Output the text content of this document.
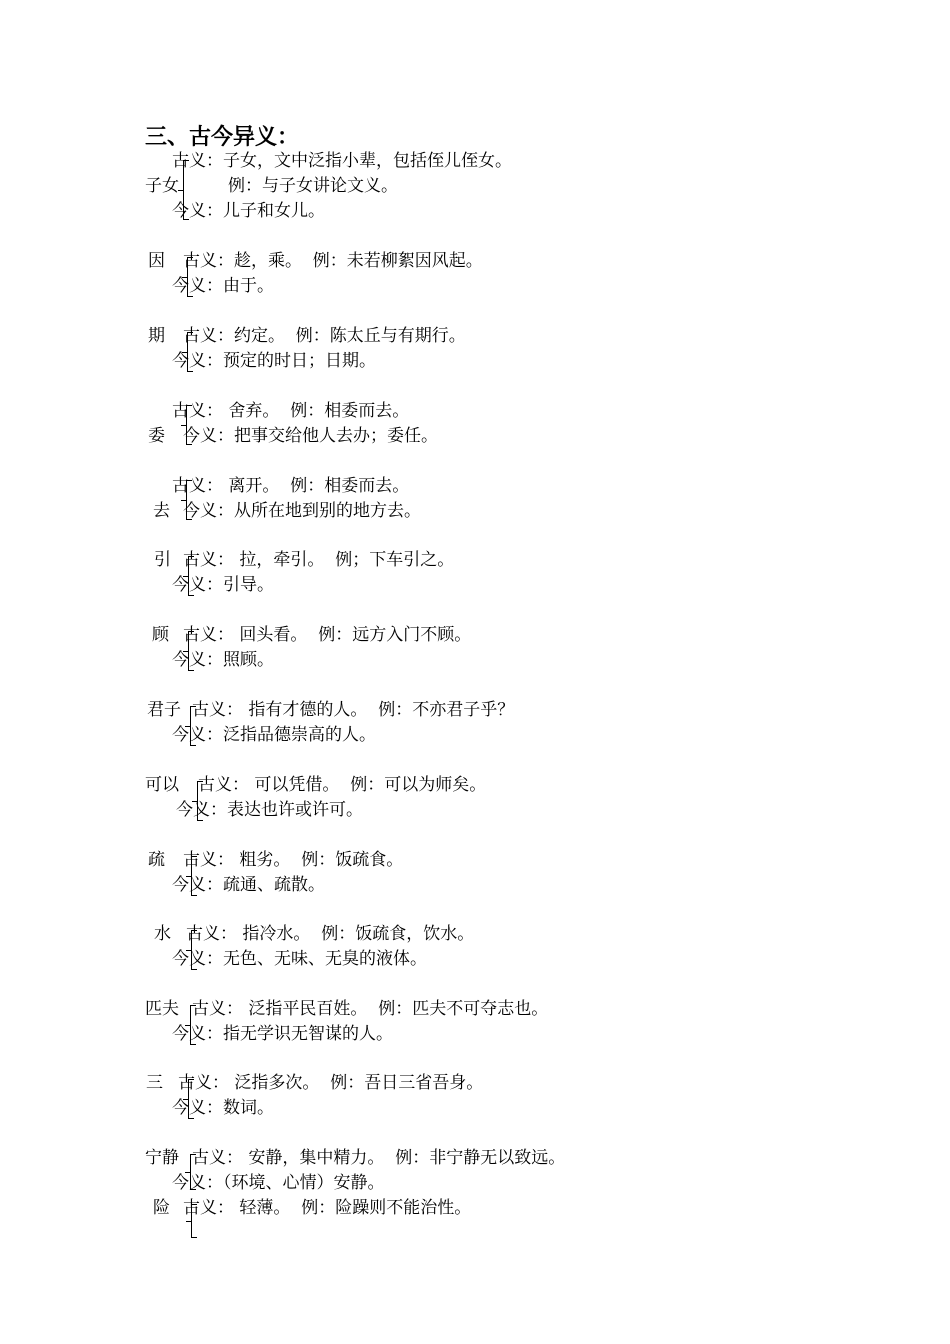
三、古今异义：
古义：子女，文中泛指小辈，包括侄儿侄女。
子女	例：与子女讲论文义。
今义：儿子和女儿。
因 古义：趁，乘。  例：未若柳絮因风起。
今义：由于。
期 古义：约定。  例：陈太丘与有期行。
今义：预定的时日；日期。
古义： 舍弃。  例：相委而去。
委 今义：把事交给他人去办；委任。
古义： 离开。  例：相委而去。
去 今义：从所在地到别的地方去。
引 古义： 拉，牵引。  例；下车引之。
今义：引导。
顾 古义： 回头看。  例：远方入门不顾。
今义：照顾。
君子 古义： 指有才德的人。  例：不亦君子乎？
今义：泛指品德崇高的人。
可以 古义： 可以凭借。  例：可以为师矣。
今义：表达也许或许可。
疏 古义： 粗劣。  例：饭疏食。
今义：疏通、疏散。
水 古义： 指冷水。  例：饭疏食，饮水。
今义：无色、无味、无臭的液体。
匹夫 古义： 泛指平民百姓。  例：匹夫不可夺志也。
今义：指无学识无智谋的人。
三 古义： 泛指多次。  例：吾日三省吾身。
今义：数词。
宁静 古义： 安静，集中精力。  例：非宁静无以致远。
今义：（环境、心情）安静。
险 古义： 轻薄。  例：险躁则不能治性。
